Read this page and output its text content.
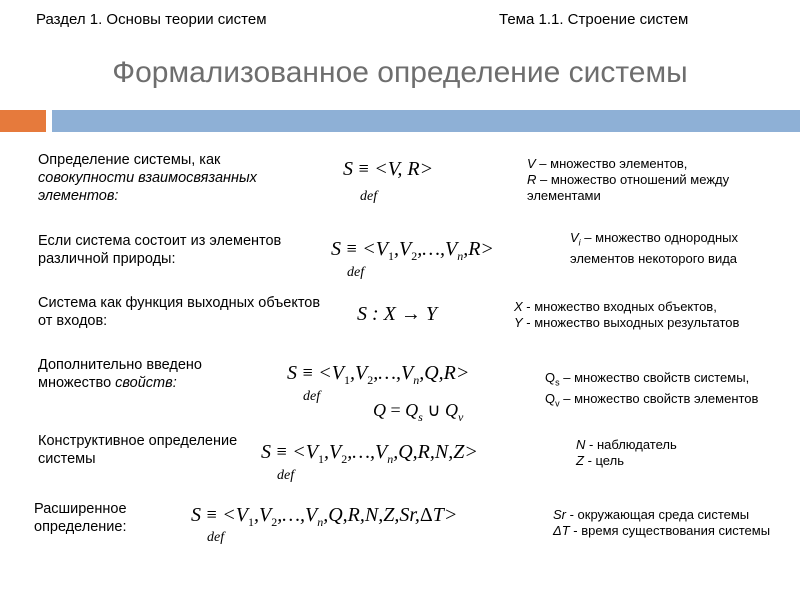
Раздел 1. Основы теории систем	Тема 1.1. Строение систем
Формализованное определение системы
Определение системы, как
совокупности взаимосвязанных элементов:
S ≡ <V, R>
def
V – множество элементов,
R – множество отношений между элементами
Если система состоит из элементов различной природы:	$S \equiv <V_1,V_2,\dots,V_n,R>$
def
$V_i$ – множество однородных элементов некоторого вида
Система как функция выходных объектов от входов:	S : X → Y	X - множество входных объектов,
Y - множество выходных результатов
Дополнительно введено множество свойств:	$S \equiv <V_1,V_2,\dots,V_n,Q,R>$
def
$Q = Q_s$ ∪ $Q_v$
$Q_s$ – множество свойств системы,
$Q_v$ – множество свойств элементов
Конструктивное определение системы	$S \equiv <V_1,V_2,\dots,V_n,Q,R,N,Z>$
def
N - наблюдатель
Z - цель
Расширенное определение:
$S \equiv <V_1,V_2,\dots,V_n,Q,R,N,Z,Sr,\Delta T>$
def
Sr - окружающая среда системы
ΔT - время существования системы
